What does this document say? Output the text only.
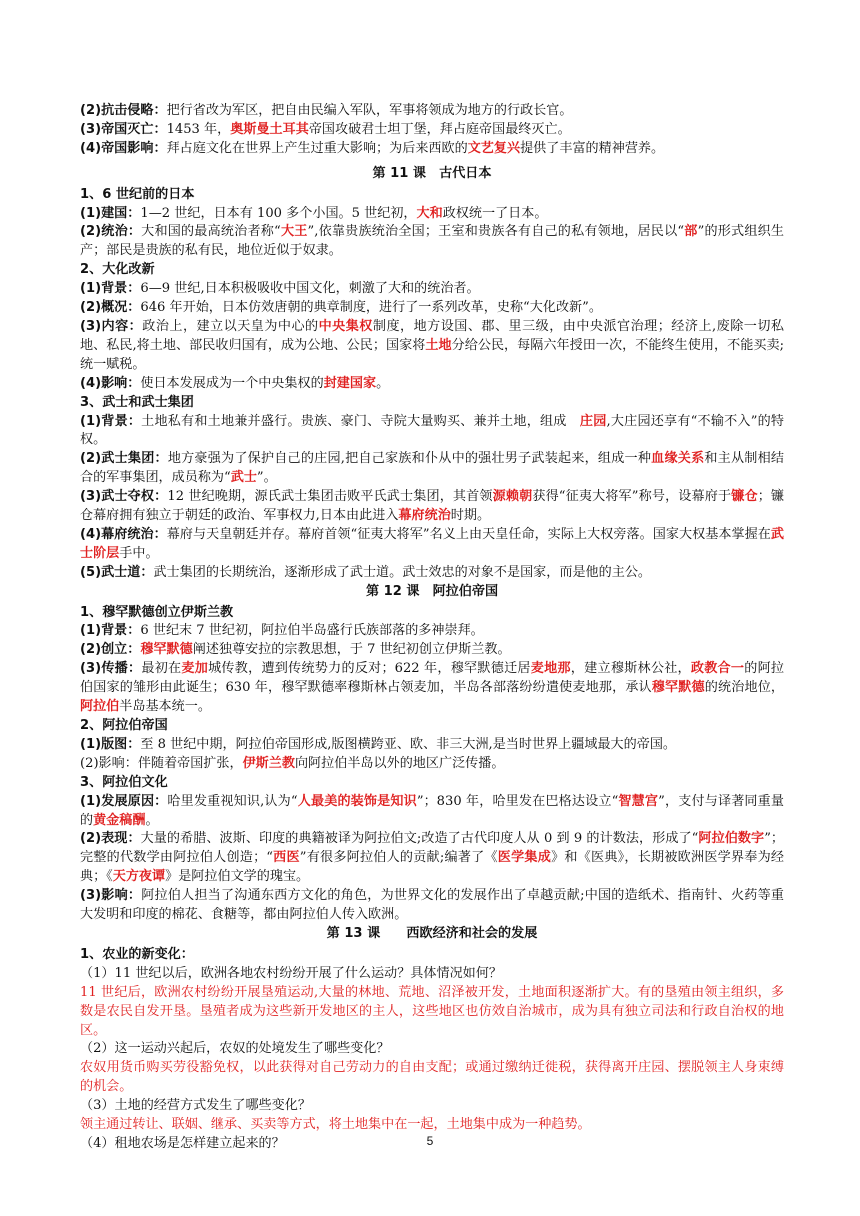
(2)抗击侵略：把行省改为军区，把自由民编入军队，军事将领成为地方的行政长官。

(3)帝国灭亡：1453 年，奥斯曼土耳其帝国攻破君士坦丁堡，拜占庭帝国最终灭亡。

(4)帝国影响：拜占庭文化在世界上产生过重大影响；为后来西欧的文艺复兴提供了丰富的精神营养。

第 11 课　古代日本

1、6 世纪前的日本

(1)建国：1—2 世纪，日本有 100 多个小国。5 世纪初，大和政权统一了日本。

(2)统治：大和国的最高统治者称“大王”,依靠贵族统治全国；王室和贵族各有自己的私有领地，居民以“部”的形式组织生产；部民是贵族的私有民，地位近似于奴隶。

2、大化改新

(1)背景：6—9 世纪,日本积极吸收中国文化，刺激了大和的统治者。

(2)概况：646 年开始，日本仿效唐朝的典章制度，进行了一系列改革，史称“大化改新”。

(3)内容：政治上，建立以天皇为中心的中央集权制度，地方设国、郡、里三级，由中央派官治理；经济上,废除一切私地、私民,将土地、部民收归国有，成为公地、公民；国家将土地分给公民，每隔六年授田一次，不能终生使用，不能买卖;统一赋税。

(4)影响：使日本发展成为一个中央集权的封建国家。

3、武士和武士集团

(1)背景：土地私有和土地兼并盛行。贵族、豪门、寺院大量购买、兼并土地，组成　庄园,大庄园还享有“不输不入”的特权。

(2)武士集团：地方豪强为了保护自己的庄园,把自己家族和仆从中的强壮男子武装起来，组成一种血缘关系和主从制相结合的军事集团，成员称为“武士”。

(3)武士夺权：12 世纪晚期，源氏武士集团击败平氏武士集团，其首领源赖朝获得“征夷大将军”称号，设幕府于镰仓；镰仓幕府拥有独立于朝廷的政治、军事权力,日本由此进入幕府统治时期。

(4)幕府统治：幕府与天皇朝廷并存。幕府首领“征夷大将军”名义上由天皇任命，实际上大权旁落。国家大权基本掌握在武士阶层手中。

(5)武士道：武士集团的长期统治，逐渐形成了武士道。武士效忠的对象不是国家，而是他的主公。

第 12 课　阿拉伯帝国

1、穆罕默德创立伊斯兰教

(1)背景：6 世纪末 7 世纪初，阿拉伯半岛盛行氏族部落的多神崇拜。

(2)创立：穆罕默德阐述独尊安拉的宗教思想，于 7 世纪初创立伊斯兰教。

(3)传播：最初在麦加城传教，遭到传统势力的反对；622 年，穆罕默德迁居麦地那，建立穆斯林公社，政教合一的阿拉伯国家的雏形由此诞生；630 年，穆罕默德率穆斯林占领麦加，半岛各部落纷纷遣使麦地那，承认穆罕默德的统治地位，阿拉伯半岛基本统一。

2、阿拉伯帝国

(1)版图：至 8 世纪中期，阿拉伯帝国形成,版图横跨亚、欧、非三大洲,是当时世界上疆域最大的帝国。

(2)影响：伴随着帝国扩张，伊斯兰教向阿拉伯半岛以外的地区广泛传播。

3、阿拉伯文化

(1)发展原因：哈里发重视知识,认为“人最美的装饰是知识”；830 年，哈里发在巴格达设立“智慧宫”，支付与译著同重量的黄金稿酬。

(2)表现：大量的希腊、波斯、印度的典籍被译为阿拉伯文;改造了古代印度人从 0 到 9 的计数法，形成了“阿拉伯数字”；完整的代数学由阿拉伯人创造；“西医”有很多阿拉伯人的贡献;编著了《医学集成》和《医典》，长期被欧洲医学界奉为经典；《天方夜谭》是阿拉伯文学的瑰宝。

(3)影响：阿拉伯人担当了沟通东西方文化的角色，为世界文化的发展作出了卓越贡献;中国的造纸术、指南针、火药等重大发明和印度的棉花、食糖等，都由阿拉伯人传入欧洲。

第 13 课　　西欧经济和社会的发展

1、农业的新变化：

（1）11 世纪以后，欧洲各地农村纷纷开展了什么运动？具体情况如何？

11 世纪后，欧洲农村纷纷开展垦殖运动,大量的林地、荒地、沼泽被开发，土地面积逐渐扩大。有的垦殖由领主组织，多数是农民自发开垦。垦殖者成为这些新开发地区的主人，这些地区也仿效自治城市，成为具有独立司法和行政自治权的地区。

（2）这一运动兴起后，农奴的处境发生了哪些变化？

农奴用货币购买劳役豁免权，以此获得对自己劳动力的自由支配；或通过缴纳迁徙税，获得离开庄园、摆脱领主人身束缚的机会。

（3）土地的经营方式发生了哪些变化？

领主通过转让、联姻、继承、买卖等方式，将土地集中在一起，土地集中成为一种趋势。

（4）租地农场是怎样建立起来的？	5
